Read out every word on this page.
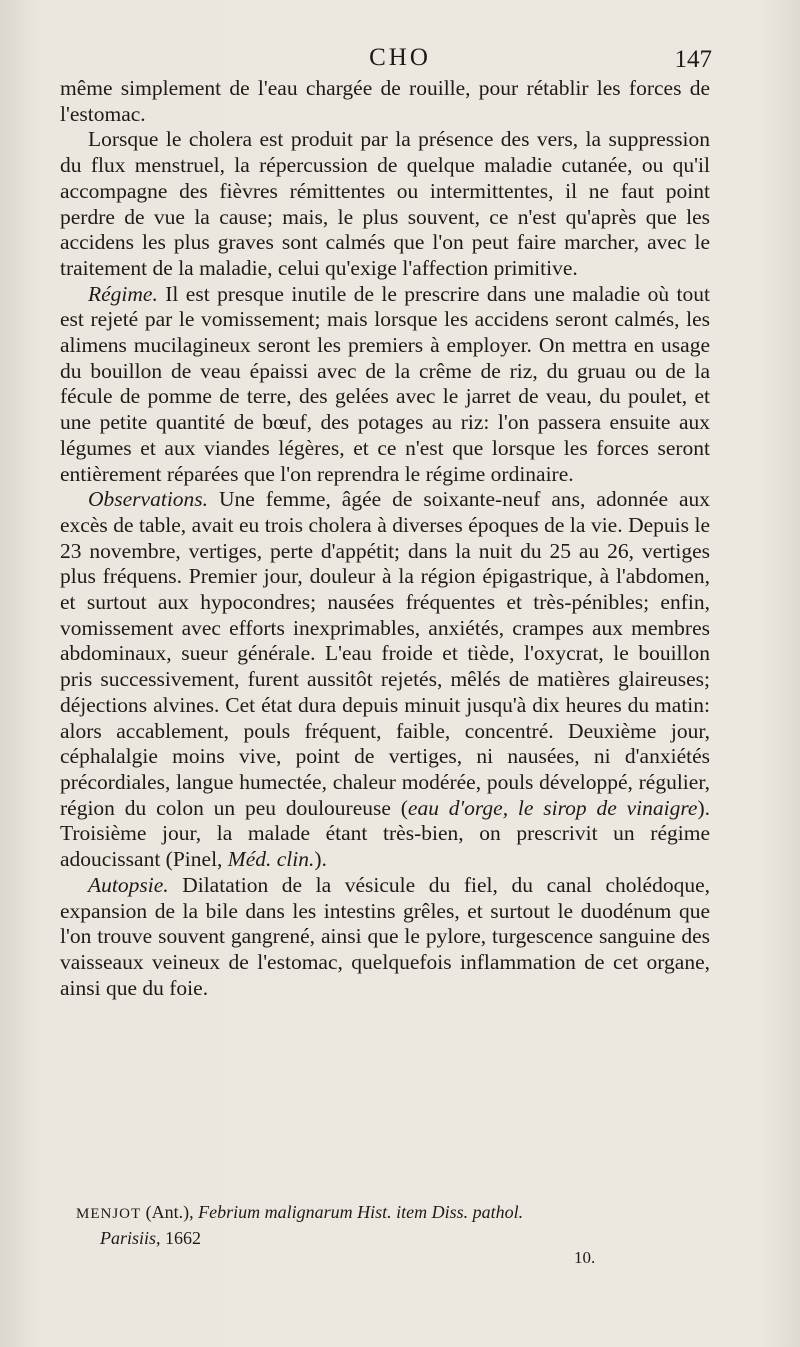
CHO	147

même simplement de l'eau chargée de rouille, pour rétablir les forces de l'estomac.

Lorsque le cholera est produit par la présence des vers, la suppression du flux menstruel, la répercussion de quelque maladie cutanée, ou qu'il accompagne des fièvres rémittentes ou intermittentes, il ne faut point perdre de vue la cause; mais, le plus souvent, ce n'est qu'après que les accidens les plus graves sont calmés que l'on peut faire marcher, avec le traitement de la maladie, celui qu'exige l'affection primitive.

Régime. Il est presque inutile de le prescrire dans une maladie où tout est rejeté par le vomissement; mais lorsque les accidens seront calmés, les alimens mucilagineux seront les premiers à employer. On mettra en usage du bouillon de veau épaissi avec de la crême de riz, du gruau ou de la fécule de pomme de terre, des gelées avec le jarret de veau, du poulet, et une petite quantité de bœuf, des potages au riz: l'on passera ensuite aux légumes et aux viandes légères, et ce n'est que lorsque les forces seront entièrement réparées que l'on reprendra le régime ordinaire.

Observations. Une femme, âgée de soixante-neuf ans, adonnée aux excès de table, avait eu trois cholera à diverses époques de la vie. Depuis le 23 novembre, vertiges, perte d'appétit; dans la nuit du 25 au 26, vertiges plus fréquens. Premier jour, douleur à la région épigastrique, à l'abdomen, et surtout aux hypocondres; nausées fréquentes et très-pénibles; enfin, vomissement avec efforts inexprimables, anxiétés, crampes aux membres abdominaux, sueur générale. L'eau froide et tiède, l'oxycrat, le bouillon pris successivement, furent aussitôt rejetés, mêlés de matières glaireuses; déjections alvines. Cet état dura depuis minuit jusqu'à dix heures du matin: alors accablement, pouls fréquent, faible, concentré. Deuxième jour, céphalalgie moins vive, point de vertiges, ni nausées, ni d'anxiétés précordiales, langue humectée, chaleur modérée, pouls développé, régulier, région du colon un peu douloureuse (eau d'orge, le sirop de vinaigre). Troisième jour, la malade étant très-bien, on prescrivit un régime adoucissant (Pinel, Méd. clin.).

Autopsie. Dilatation de la vésicule du fiel, du canal cholédoque, expansion de la bile dans les intestins grêles, et surtout le duodénum que l'on trouve souvent gangrené, ainsi que le pylore, turgescence sanguine des vaisseaux veineux de l'estomac, quelquefois inflammation de cet organe, ainsi que du foie.

MENJOT (Ant.), Febrium malignarum Hist. item Diss. pathol.
Parisiis, 1662
10.
